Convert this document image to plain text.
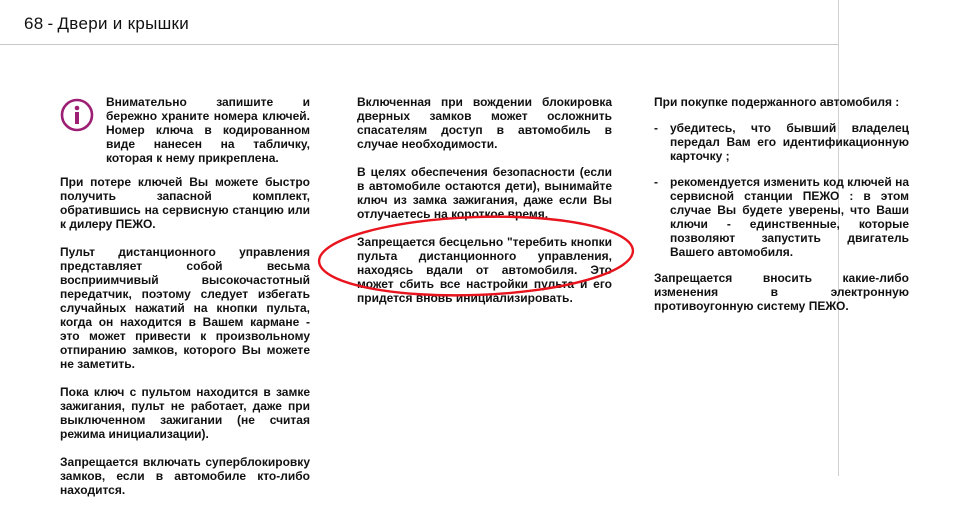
68 - Двери и крышки
Внимательно запишите и бережно храните номера ключей. Номер ключа в кодированном виде нанесен на табличку, которая к нему прикреплена.

При потере ключей Вы можете быстро получить запасной комплект, обратившись на сервисную станцию или к дилеру ПЕЖО.

Пульт дистанционного управления представляет собой весьма восприимчивый высокочастотный передатчик, поэтому следует избегать случайных нажатий на кнопки пульта, когда он находится в Вашем кармане - это может привести к произвольному отпиранию замков, которого Вы можете не заметить.

Пока ключ с пультом находится в замке зажигания, пульт не работает, даже при выключенном зажигании (не считая режима инициализации).

Запрещается включать суперблокировку замков, если в автомобиле кто-либо находится.

Включенная при вождении блокировка дверных замков может осложнить спасателям доступ в автомобиль в случае необходимости.

В целях обеспечения безопасности (если в автомобиле остаются дети), вынимайте ключ из замка зажигания, даже если Вы отлучаетесь на короткое время.

Запрещается бесцельно "теребить кнопки пульта дистанционного управления, находясь вдали от автомобиля. Это может сбить все настройки пульта и его придется вновь инициализировать.

При покупке подержанного автомобиля :

-	убедитесь, что бывший владелец передал Вам его идентификационную карточку ;
-	рекомендуется изменить код ключей на сервисной станции ПЕЖО : в этом случае Вы будете уверены, что Ваши ключи - единственные, которые позволяют запустить двигатель Вашего автомобиля.

Запрещается вносить какие-либо изменения в электронную противоугонную систему ПЕЖО.
